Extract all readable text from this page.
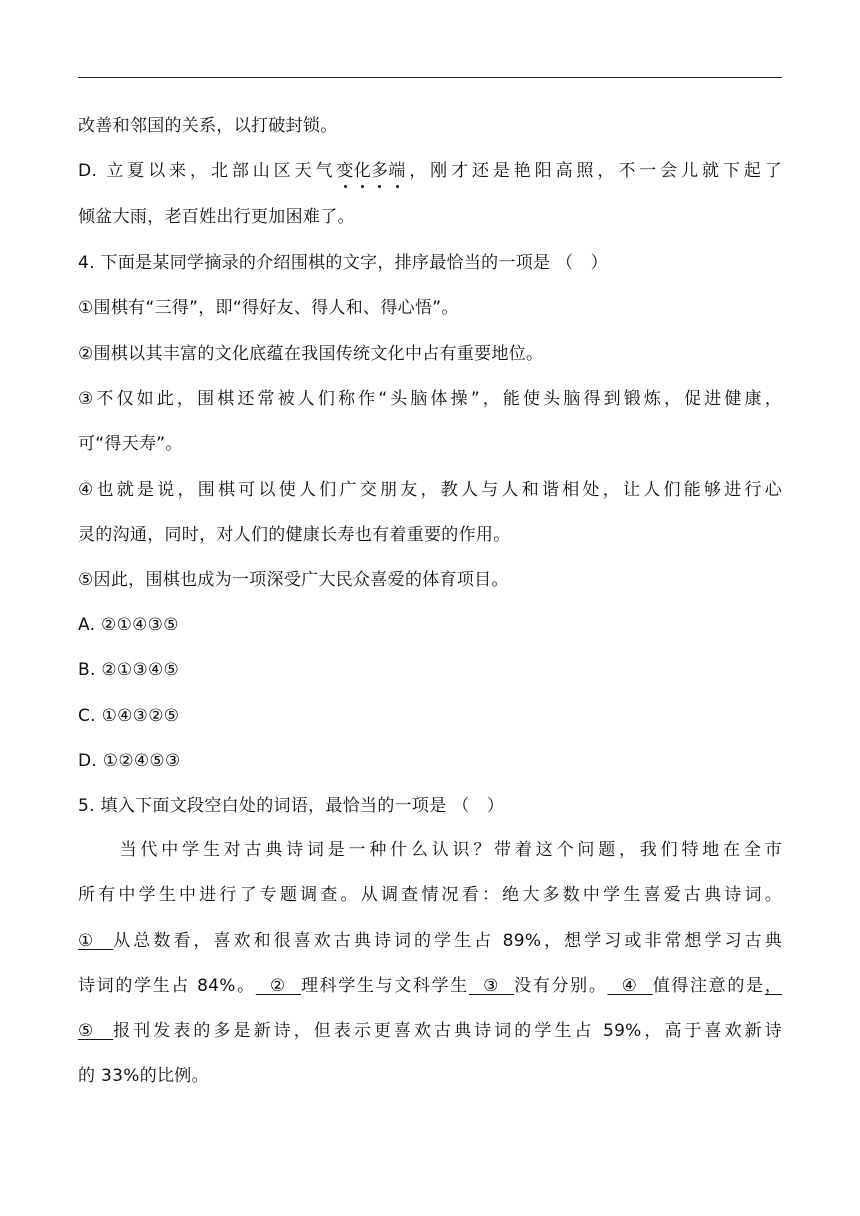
改善和邻国的关系，以打破封锁。
D. 立夏以来，北部山区天气变化多端，刚才还是艳阳高照，不一会儿就下起了
倾盆大雨，老百姓出行更加困难了。
4. 下面是某同学摘录的介绍围棋的文字，排序最恰当的一项是 （　）
①围棋有“三得”，即“得好友、得人和、得心悟”。
②围棋以其丰富的文化底蕴在我国传统文化中占有重要地位。
③不仅如此，围棋还常被人们称作“头脑体操”，能使头脑得到锻炼，促进健康，
可“得天寿”。
④也就是说，围棋可以使人们广交朋友，教人与人和谐相处，让人们能够进行心
灵的沟通，同时，对人们的健康长寿也有着重要的作用。
⑤因此，围棋也成为一项深受广大民众喜爱的体育项目。
A. ②①④③⑤
B. ②①③④⑤
C. ①④③②⑤
D. ①②④⑤③
5. 填入下面文段空白处的词语，最恰当的一项是 （　）
　　当代中学生对古典诗词是一种什么认识？带着这个问题，我们特地在全市
所有中学生中进行了专题调查。从调查情况看：绝大多数中学生喜爱古典诗词。
①  从总数看，喜欢和很喜欢古典诗词的学生占 89%，想学习或非常想学习古典
诗词的学生占 84%。  ②  理科学生与文科学生  ③  没有分别。  ④  值得注意的是，
⑤  报刊发表的多是新诗，但表示更喜欢古典诗词的学生占 59%，高于喜欢新诗
的 33%的比例。
